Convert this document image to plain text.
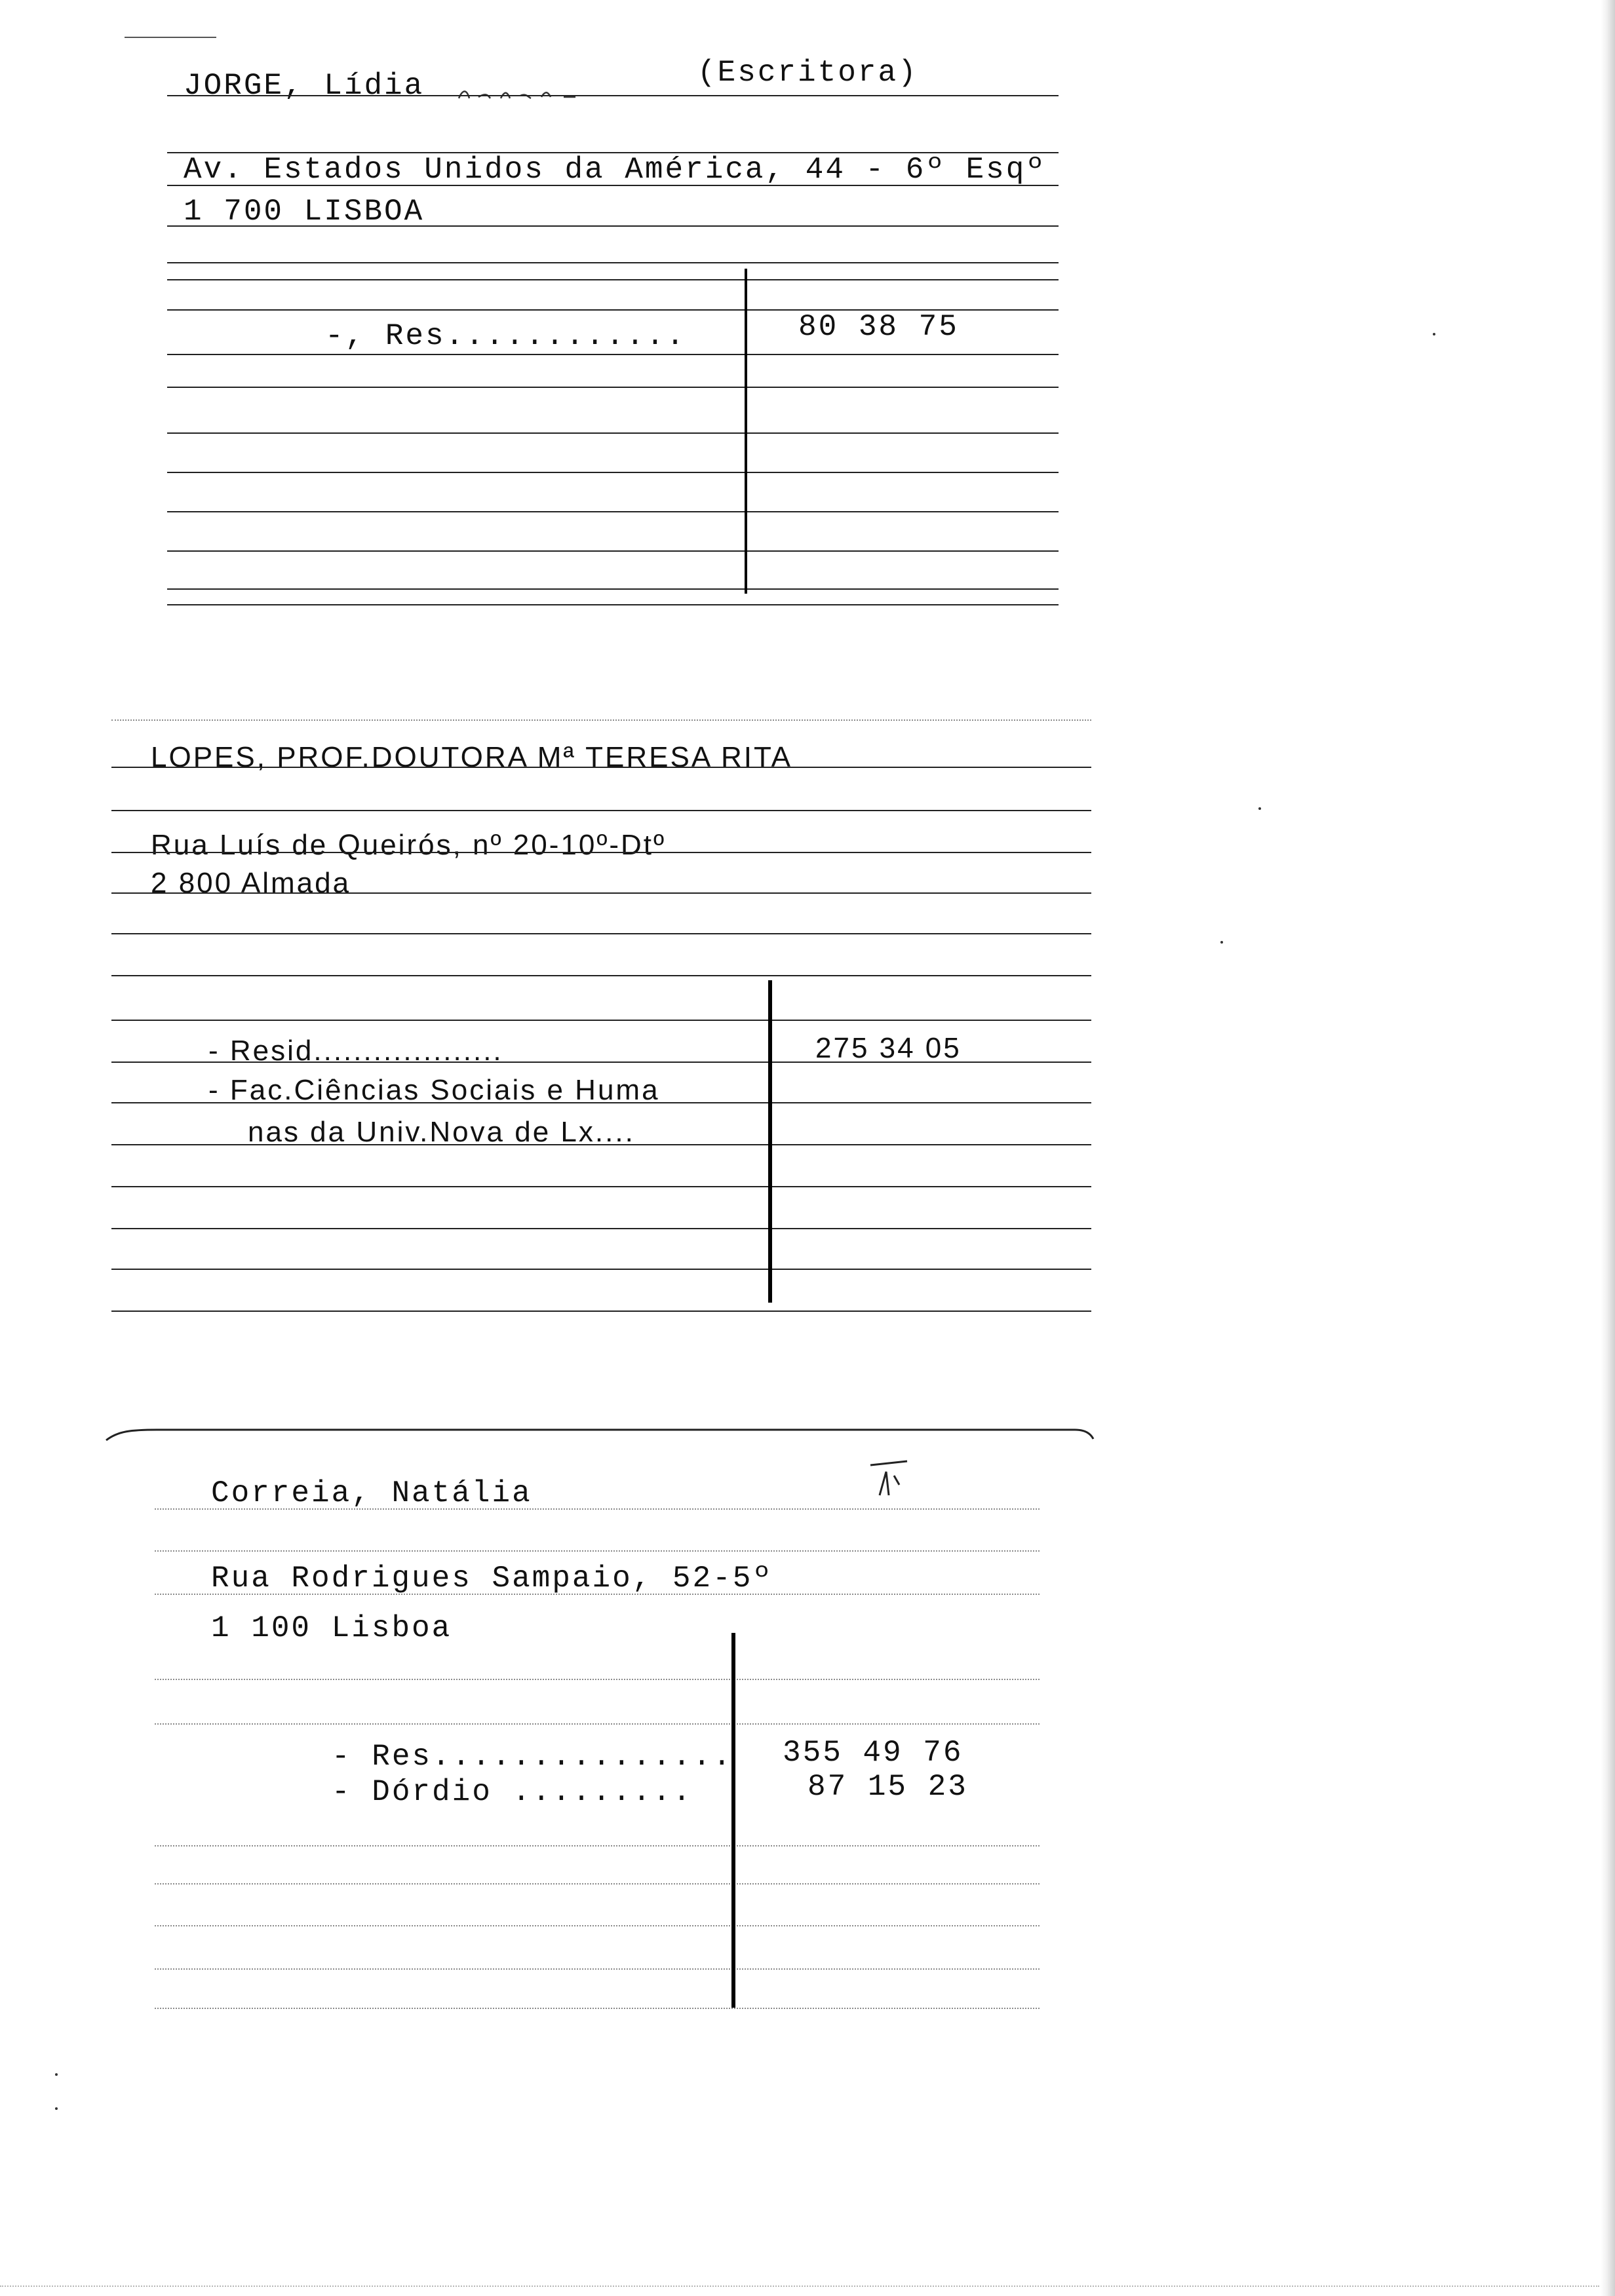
JORGE, Lídia	(Escritora)
Av. Estados Unidos da América, 44 - 6º Esqº
1 700 LISBOA
-, Res............	80 38 75
LOPES, PROF.DOUTORA Mª TERESA RITA
Rua Luís de Queirós, nº 20-10º-Dtº
2 800 Almada
- Resid...................	275 34 05
- Fac.Ciências Sociais e Huma
nas da Univ.Nova de Lx....
Correia, Natália
Rua Rodrigues Sampaio, 52-5º
1 100 Lisboa
- Res............... 355 49 76
- Dórdio .........	87 15 23
